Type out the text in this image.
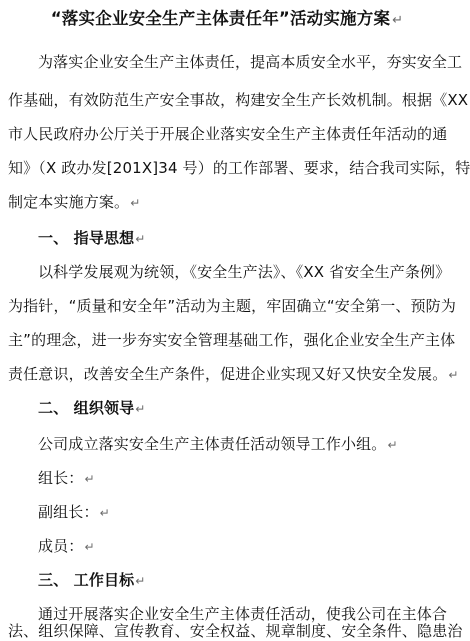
“落实企业安全生产主体责任年”活动实施方案 ↵
为落实企业安全生产主体责任，提高本质安全水平，夯实安全工
作基础，有效防范生产安全事故，构建安全生产长效机制。根据《XX
市人民政府办公厅关于开展企业落实安全生产主体责任年活动的通
知》（X 政办发[201X]34 号）的工作部署、要求，结合我司实际，特
制定本实施方案。↵
一、 指导思想↵
以科学发展观为统领，《安全生产法》、《XX 省安全生产条例》
为指针，“质量和安全年”活动为主题，牢固确立“安全第一、预防为
主”的理念，进一步夯实安全管理基础工作，强化企业安全生产主体
责任意识，改善安全生产条件，促进企业实现又好又快安全发展。↵
二、 组织领导↵
公司成立落实安全生产主体责任活动领导工作小组。↵
组长：↵
副组长：↵
成员：↵
三、 工作目标↵
通过开展落实企业安全生产主体责任活动，使我公司在主体合
法、组织保障、宣传教育、安全权益、规章制度、安全条件、隐患治
